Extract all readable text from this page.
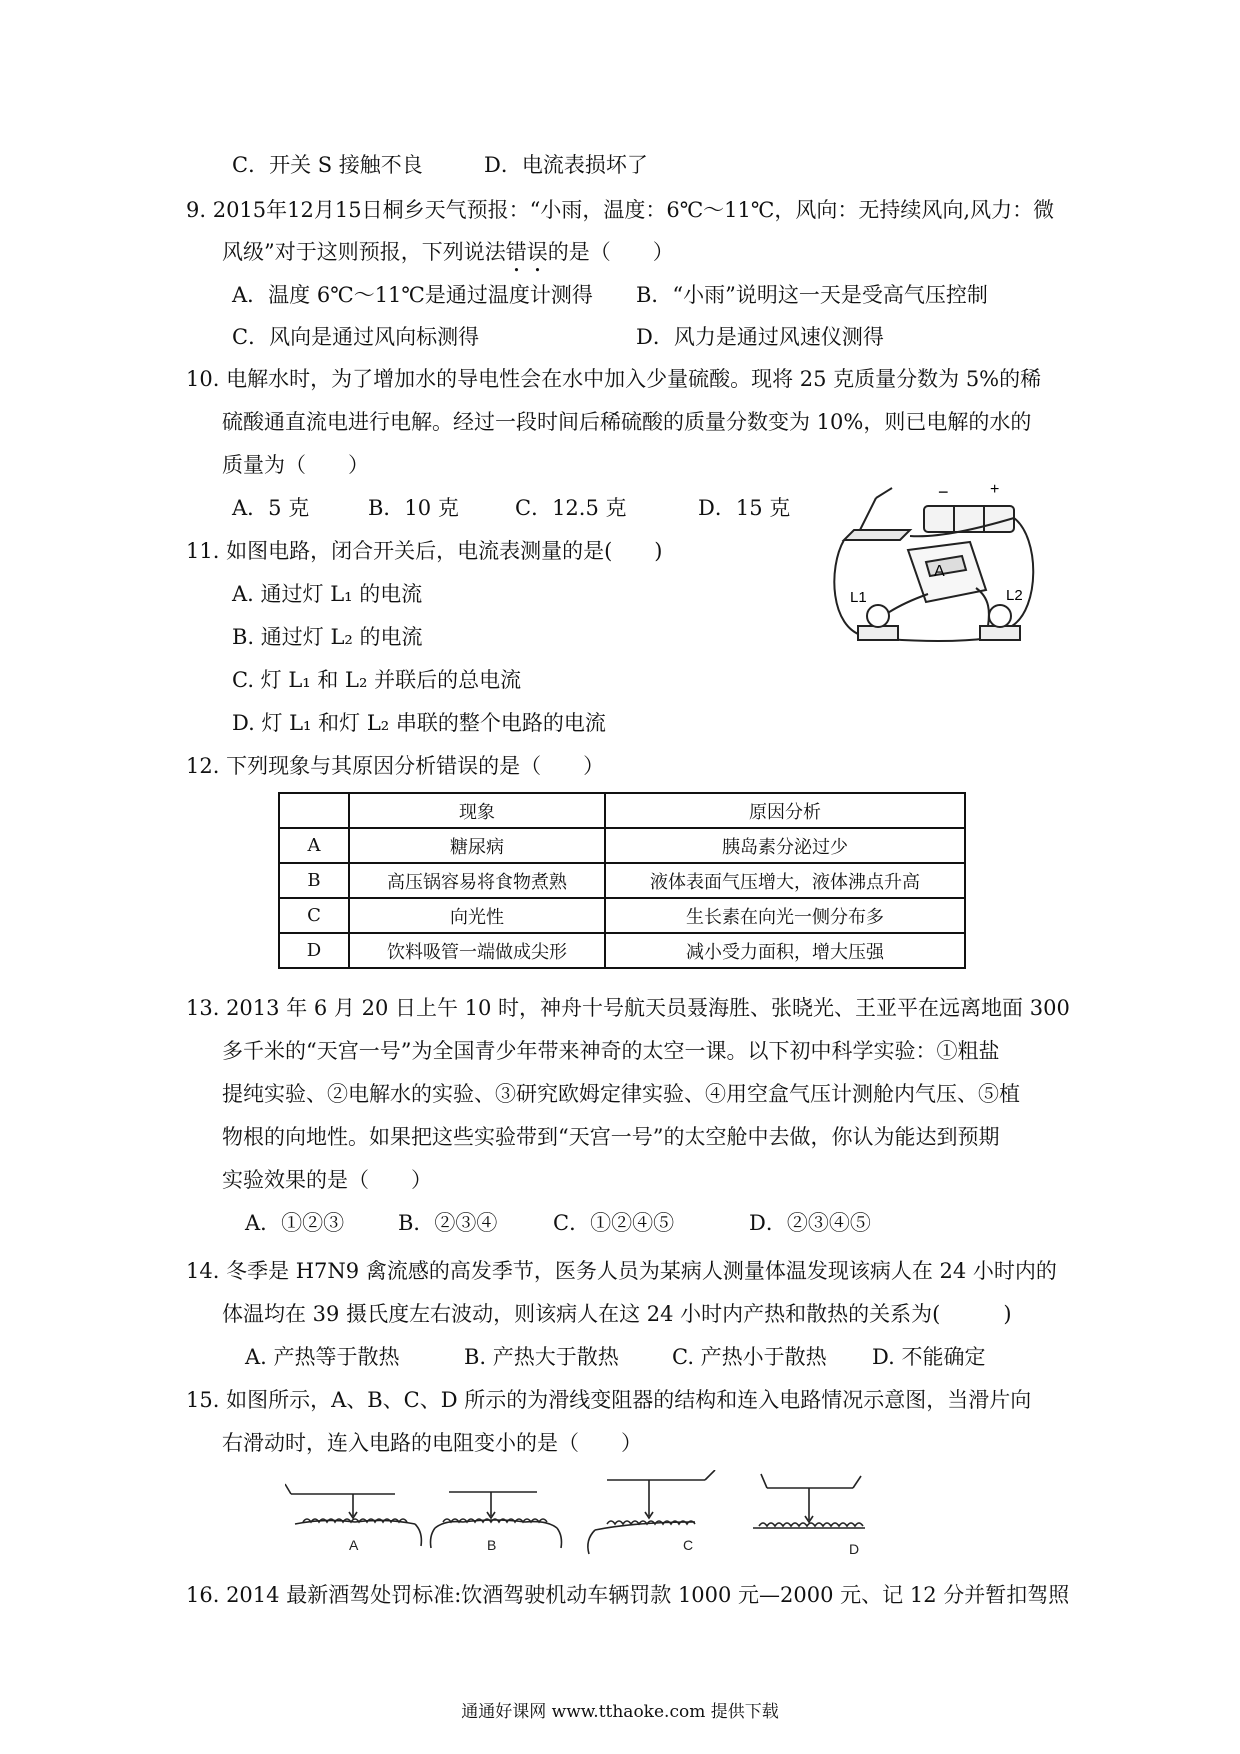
C．开关 S 接触不良	D．电流表损坏了
9. 2015年12月15日桐乡天气预报：“小雨，温度：6℃～11℃，风向：无持续风向,风力：微
风级”对于这则预报，下列说法错误的是（　　）
A．温度 6℃～11℃是通过温度计测得 B．“小雨”说明这一天是受高气压控制
C．风向是通过风向标测得	D．风力是通过风速仪测得
10. 电解水时，为了增加水的导电性会在水中加入少量硫酸。现将 25 克质量分数为 5%的稀
硫酸通直流电进行电解。经过一段时间后稀硫酸的质量分数变为 10%，则已电解的水的
质量为（　　）
A．5 克	B．10 克	C．12.5 克	D．15 克
11. 如图电路，闭合开关后，电流表测量的是(　　)
A. 通过灯 L₁ 的电流
B. 通过灯 L₂ 的电流
C. 灯 L₁ 和 L₂ 并联后的总电流
D. 灯 L₁ 和灯 L₂ 串联的整个电路的电流
A
L1	L2
−	+
12. 下列现象与其原因分析错误的是（　　）
	现象	原因分析
A	糖尿病	胰岛素分泌过少
B	高压锅容易将食物煮熟	液体表面气压增大，液体沸点升高
C	向光性	生长素在向光一侧分布多
D	饮料吸管一端做成尖形	减小受力面积，增大压强
13. 2013 年 6 月 20 日上午 10 时，神舟十号航天员聂海胜、张晓光、王亚平在远离地面 300
多千米的“天宫一号”为全国青少年带来神奇的太空一课。以下初中科学实验：①粗盐
提纯实验、②电解水的实验、③研究欧姆定律实验、④用空盒气压计测舱内气压、⑤植
物根的向地性。如果把这些实验带到“天宫一号”的太空舱中去做，你认为能达到预期
实验效果的是（　　）
A．①②③	B．②③④	C．①②④⑤	D．②③④⑤
14. 冬季是 H7N9 禽流感的高发季节，医务人员为某病人测量体温发现该病人在 24 小时内的
体温均在 39 摄氏度左右波动，则该病人在这 24 小时内产热和散热的关系为(　　　)
A. 产热等于散热	B. 产热大于散热	C. 产热小于散热 D. 不能确定
15. 如图所示，A、B、C、D 所示的为滑线变阻器的结构和连入电路情况示意图，当滑片向
右滑动时，连入电路的电阻变小的是（　　）
A	B	C	D
16. 2014 最新酒驾处罚标准:饮酒驾驶机动车辆罚款 1000 元—2000 元、记 12 分并暂扣驾照
通通好课网 www.tthaoke.com 提供下载
